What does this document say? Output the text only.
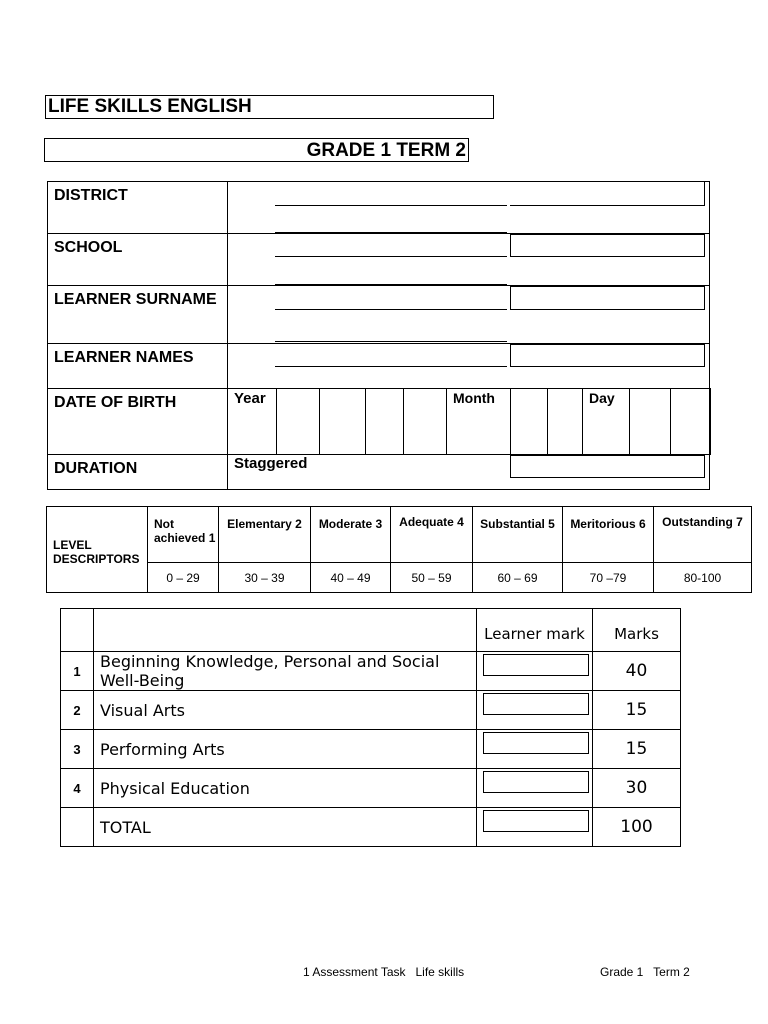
LIFE SKILLS ENGLISH
GRADE 1 TERM 2
DISTRICT	
SCHOOL	
LEARNER SURNAME	
LEARNER NAMES	
DATE OF BIRTH		Year					Month			Day		

DURATION	Staggered
LEVEL DESCRIPTORS	Not achieved 1	Elementary 2	Moderate 3	Adequate 4	Substantial 5	Meritorious 6	Outstanding 7
	0 – 29	30 – 39	40 – 49	50 – 59	60 – 69	70 –79	80-100
		Learner mark	Marks
1	Beginning Knowledge, Personal and Social Well-Being		40
2	Visual Arts		15
3	Performing Arts		15
4	Physical Education		30
	TOTAL		100
1 Assessment Task   Life skills	Grade 1   Term 2
